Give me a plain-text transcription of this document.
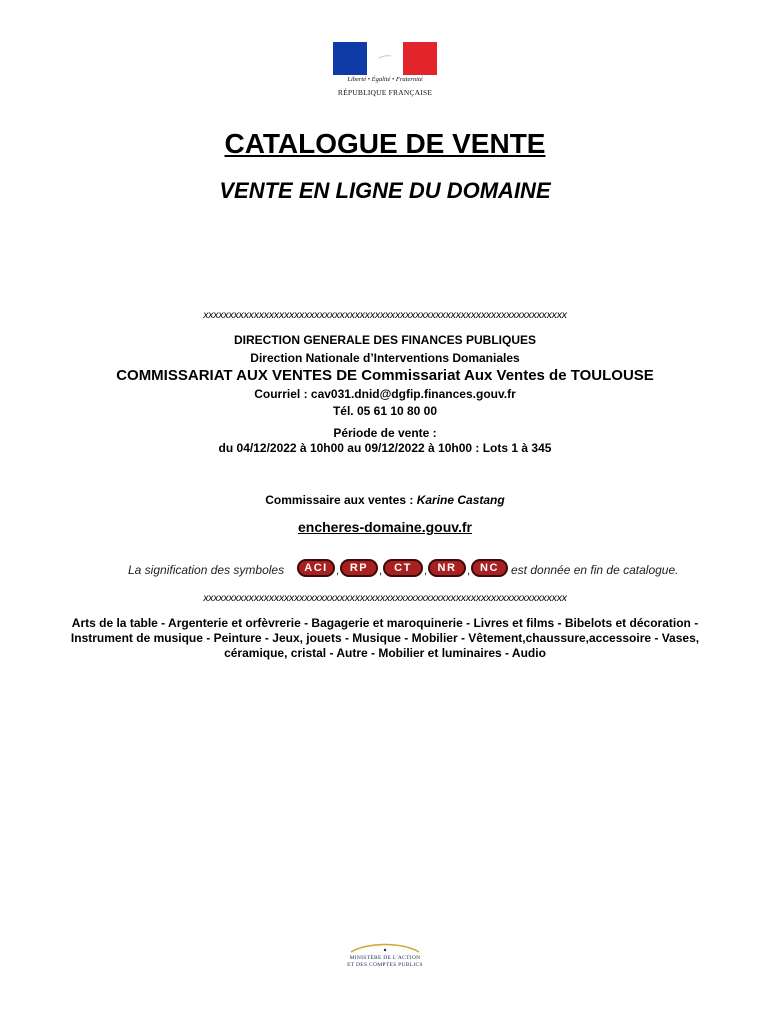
Liberté • Égalité • Fraternité
RÉPUBLIQUE FRANÇAISE
CATALOGUE DE VENTE
VENTE EN LIGNE DU DOMAINE
xxxxxxxxxxxxxxxxxxxxxxxxxxxxxxxxxxxxxxxxxxxxxxxxxxxxxxxxxxxxxxxxxxxxxxxx
DIRECTION GENERALE DES FINANCES PUBLIQUES
Direction Nationale d’Interventions Domaniales
COMMISSARIAT AUX VENTES DE Commissariat Aux Ventes de TOULOUSE
Courriel : cav031.dnid@dgfip.finances.gouv.fr
Tél. 05 61 10 80 00
Période de vente :
du 04/12/2022 à 10h00 au 09/12/2022 à 10h00 : Lots 1 à 345
Commissaire aux ventes : Karine Castang
encheres-domaine.gouv.fr
La signification des symboles	ACI , RP ,	CT	, NR , NC	est donnée en fin de catalogue.
xxxxxxxxxxxxxxxxxxxxxxxxxxxxxxxxxxxxxxxxxxxxxxxxxxxxxxxxxxxxxxxxxxxxxxxx
Arts de la table - Argenterie et orfèvrerie - Bagagerie et maroquinerie - Livres et films - Bibelots et décoration - Instrument de musique - Peinture - Jeux, jouets - Musique - Mobilier - Vêtement,chaussure,accessoire - Vases, céramique, cristal - Autre - Mobilier et luminaires - Audio
MINISTÈRE DE L'ACTION
ET DES COMPTES PUBLICS
